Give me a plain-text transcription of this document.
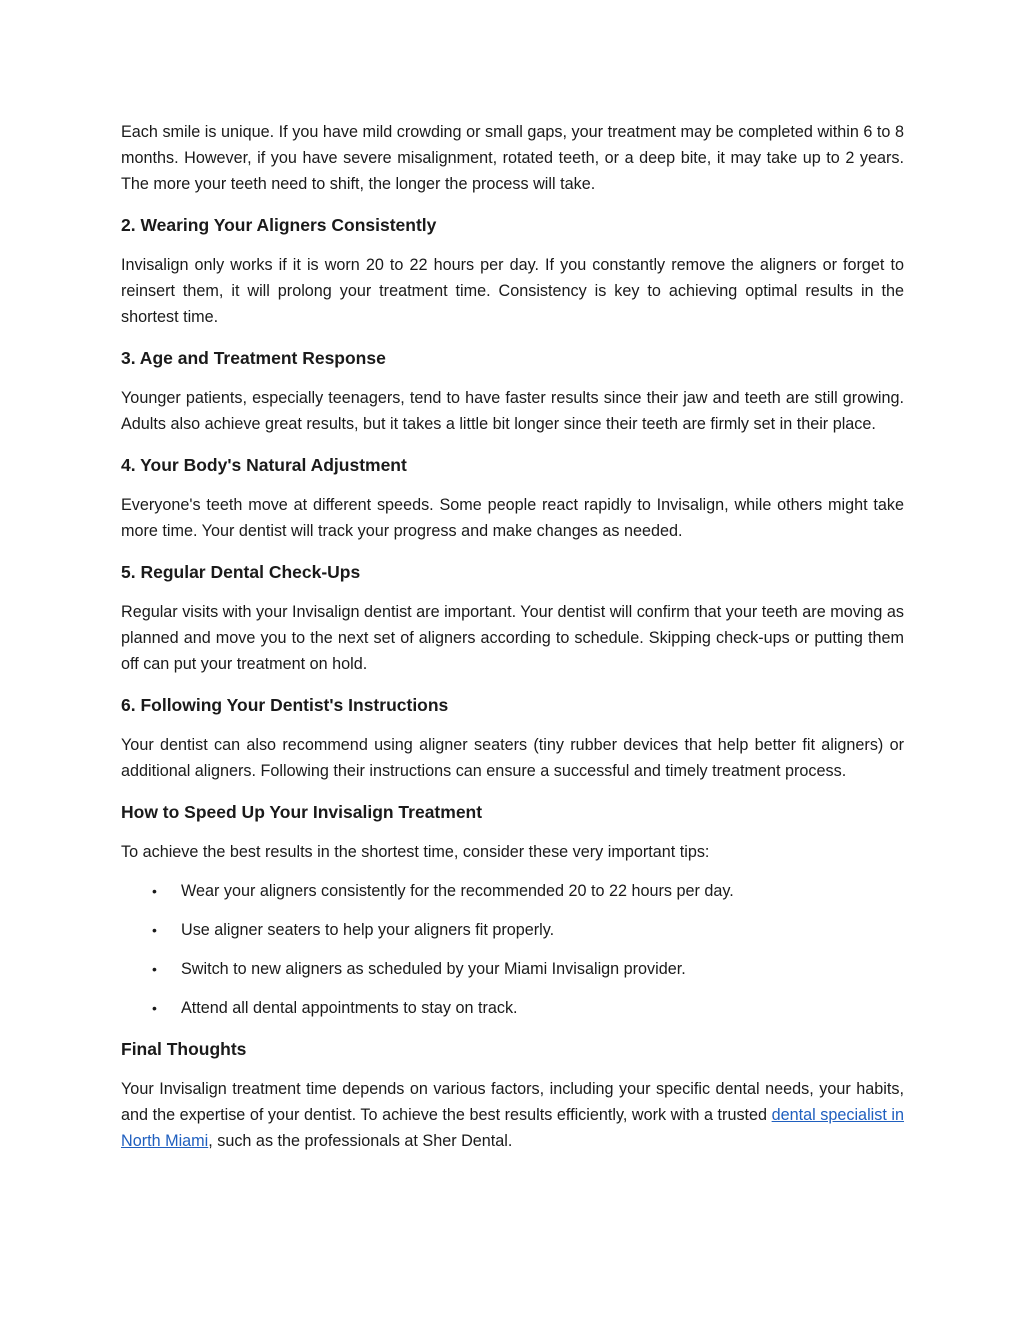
Each smile is unique. If you have mild crowding or small gaps, your treatment may be completed within 6 to 8 months. However, if you have severe misalignment, rotated teeth, or a deep bite, it may take up to 2 years. The more your teeth need to shift, the longer the process will take.

2. Wearing Your Aligners Consistently

Invisalign only works if it is worn 20 to 22 hours per day. If you constantly remove the aligners or forget to reinsert them, it will prolong your treatment time. Consistency is key to achieving optimal results in the shortest time.

3. Age and Treatment Response

Younger patients, especially teenagers, tend to have faster results since their jaw and teeth are still growing. Adults also achieve great results, but it takes a little bit longer since their teeth are firmly set in their place.

4. Your Body's Natural Adjustment

Everyone's teeth move at different speeds. Some people react rapidly to Invisalign, while others might take more time. Your dentist will track your progress and make changes as needed.

5. Regular Dental Check-Ups

Regular visits with your Invisalign dentist are important. Your dentist will confirm that your teeth are moving as planned and move you to the next set of aligners according to schedule. Skipping check-ups or putting them off can put your treatment on hold.

6. Following Your Dentist's Instructions

Your dentist can also recommend using aligner seaters (tiny rubber devices that help better fit aligners) or additional aligners. Following their instructions can ensure a successful and timely treatment process.

How to Speed Up Your Invisalign Treatment

To achieve the best results in the shortest time, consider these very important tips:

• Wear your aligners consistently for the recommended 20 to 22 hours per day.
• Use aligner seaters to help your aligners fit properly.
• Switch to new aligners as scheduled by your Miami Invisalign provider.
• Attend all dental appointments to stay on track.
Final Thoughts

Your Invisalign treatment time depends on various factors, including your specific dental needs, your habits, and the expertise of your dentist. To achieve the best results efficiently, work with a trusted dental specialist in North Miami, such as the professionals at Sher Dental.
